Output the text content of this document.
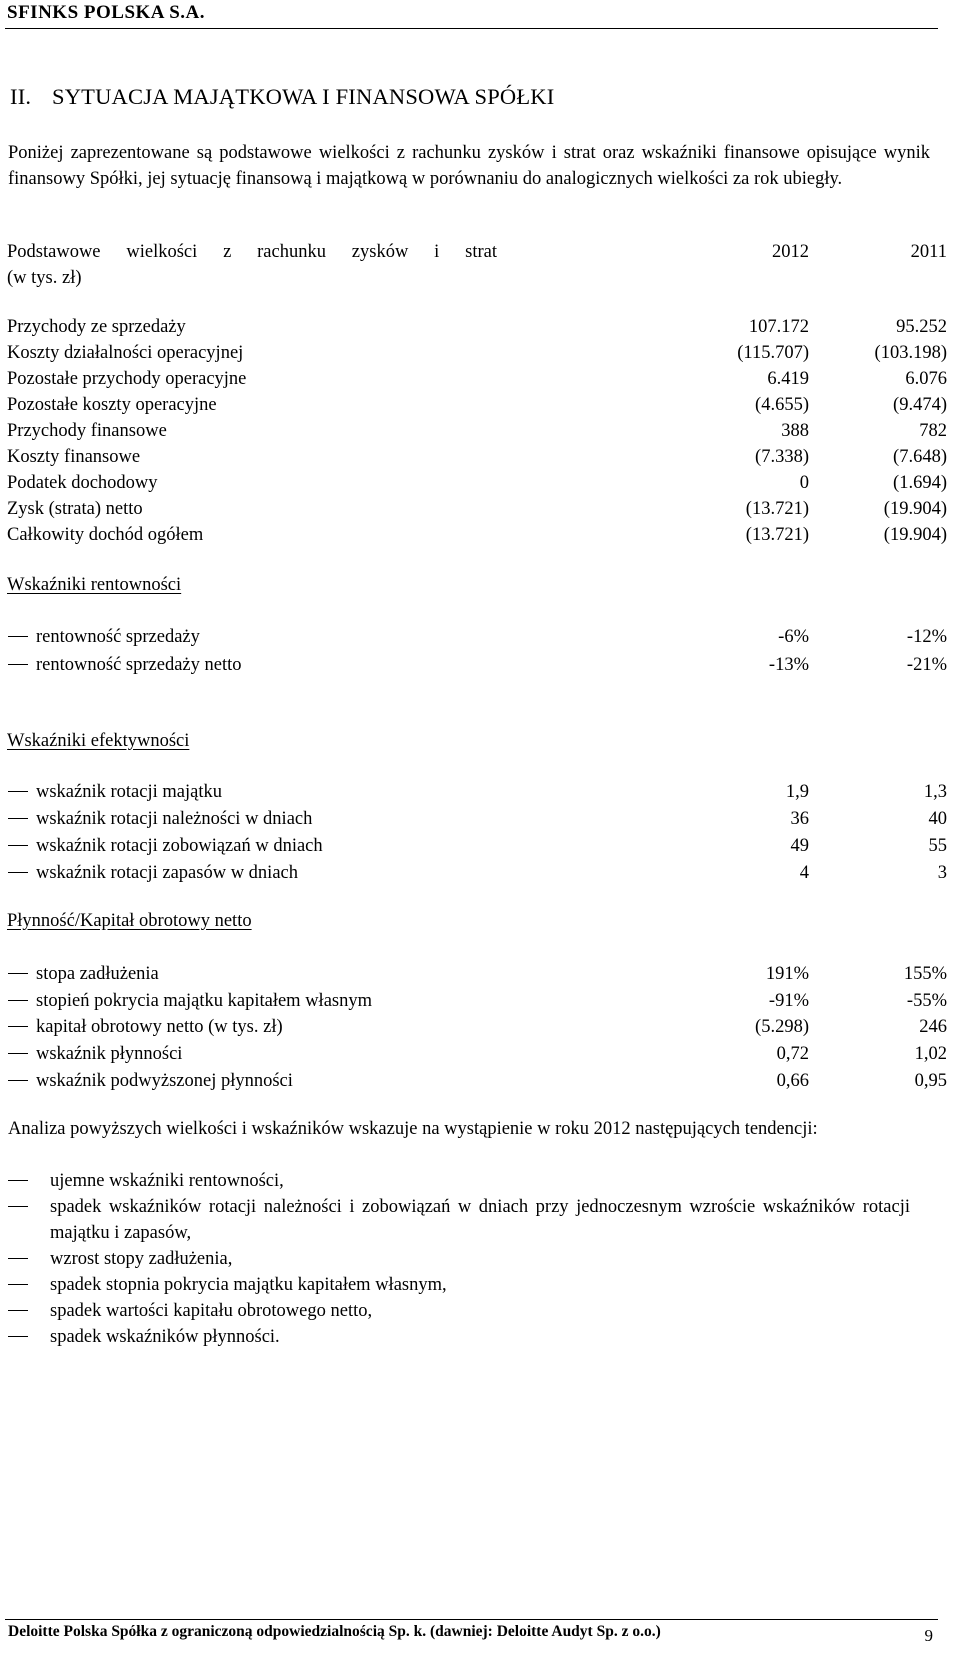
SFINKS POLSKA S.A.
II. SYTUACJA MAJĄTKOWA I FINANSOWA SPÓŁKI
Poniżej zaprezentowane są podstawowe wielkości z rachunku zysków i strat oraz wskaźniki finansowe opisujące wynik finansowy Spółki, jej sytuację finansową i majątkową w porównaniu do analogicznych wielkości za rok ubiegły.
Podstawowe wielkości z rachunku zysków i strat
(w tys. zł)
2012	2011
Przychody ze sprzedaży	107.172	95.252
Koszty działalności operacyjnej	(115.707)	(103.198)
Pozostałe przychody operacyjne	6.419	6.076
Pozostałe koszty operacyjne	(4.655)	(9.474)
Przychody finansowe	388	782
Koszty finansowe	(7.338)	(7.648)
Podatek dochodowy	0	(1.694)
Zysk (strata) netto	(13.721)	(19.904)
Całkowity dochód ogółem	(13.721)	(19.904)
Wskaźniki rentowności
rentowność sprzedaży	-6%	-12%
rentowność sprzedaży netto	-13%	-21%
Wskaźniki efektywności
wskaźnik rotacji majątku	1,9	1,3
wskaźnik rotacji należności w dniach	36	40
wskaźnik rotacji zobowiązań w dniach	49	55
wskaźnik rotacji zapasów w dniach	4	3
Płynność/Kapitał obrotowy netto
stopa zadłużenia	191%	155%
stopień pokrycia majątku kapitałem własnym	-91%	-55%
kapitał obrotowy netto (w tys. zł)	(5.298)	246
wskaźnik płynności	0,72	1,02
wskaźnik podwyższonej płynności	0,66	0,95
Analiza powyższych wielkości i wskaźników wskazuje na wystąpienie w roku 2012 następujących tendencji:
ujemne wskaźniki rentowności,
spadek wskaźników rotacji należności i zobowiązań w dniach przy jednoczesnym wzroście wskaźników rotacji majątku i zapasów,
wzrost stopy zadłużenia,
spadek stopnia pokrycia majątku kapitałem własnym,
spadek wartości kapitału obrotowego netto,
spadek wskaźników płynności.
Deloitte Polska Spółka z ograniczoną odpowiedzialnością Sp. k. (dawniej: Deloitte Audyt Sp. z o.o.)	9
